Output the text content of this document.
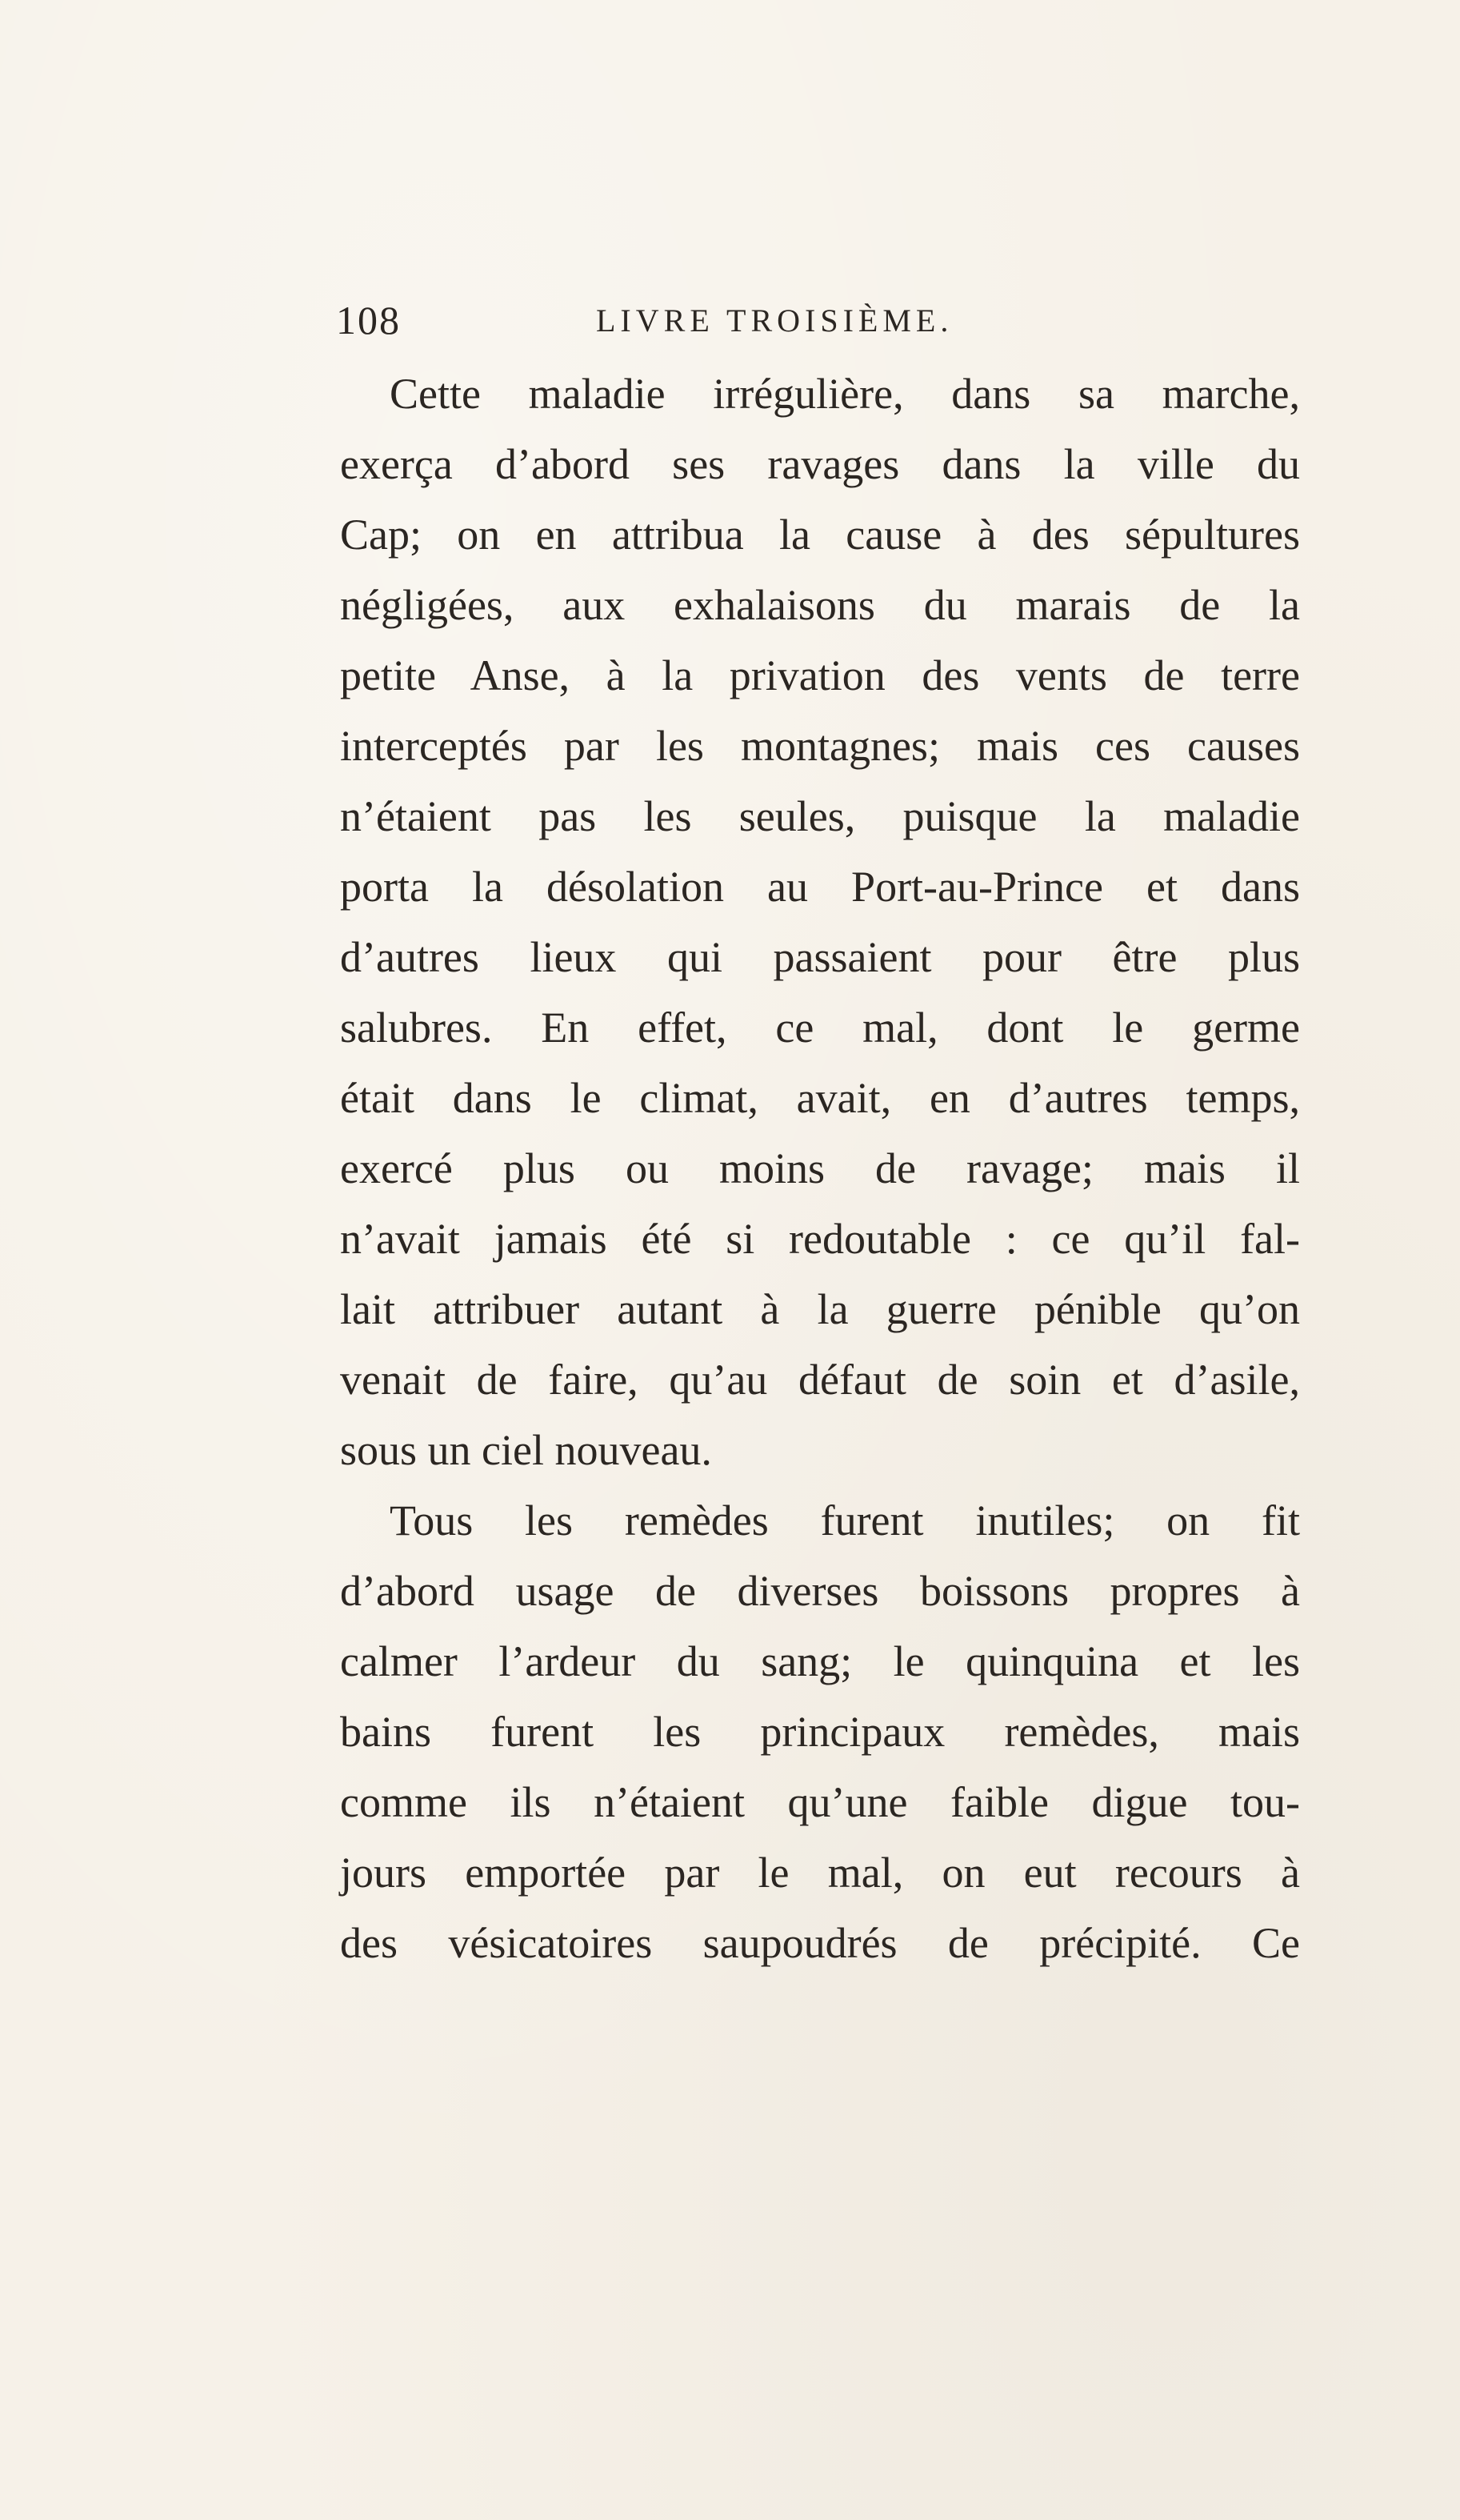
108	LIVRE TROISIÈME.
Cette maladie irrégulière, dans sa marche,
exerça d’abord ses ravages dans la ville du
Cap; on en attribua la cause à des sépultures
négligées, aux exhalaisons du marais de la
petite Anse, à la privation des vents de terre
interceptés par les montagnes; mais ces causes
n’étaient pas les seules, puisque la maladie
porta la désolation au Port-au-Prince et dans
d’autres lieux qui passaient pour être plus
salubres. En effet, ce mal, dont le germe
était dans le climat, avait, en d’autres temps,
exercé plus ou moins de ravage; mais il
n’avait jamais été si redoutable : ce qu’il fal-
lait attribuer autant à la guerre pénible qu’on
venait de faire, qu’au défaut de soin et d’asile,
sous un ciel nouveau.
Tous les remèdes furent inutiles; on fit
d’abord usage de diverses boissons propres à
calmer l’ardeur du sang; le quinquina et les
bains furent les principaux remèdes, mais
comme ils n’étaient qu’une faible digue tou-
jours emportée par le mal, on eut recours à
des vésicatoires saupoudrés de précipité. Ce
